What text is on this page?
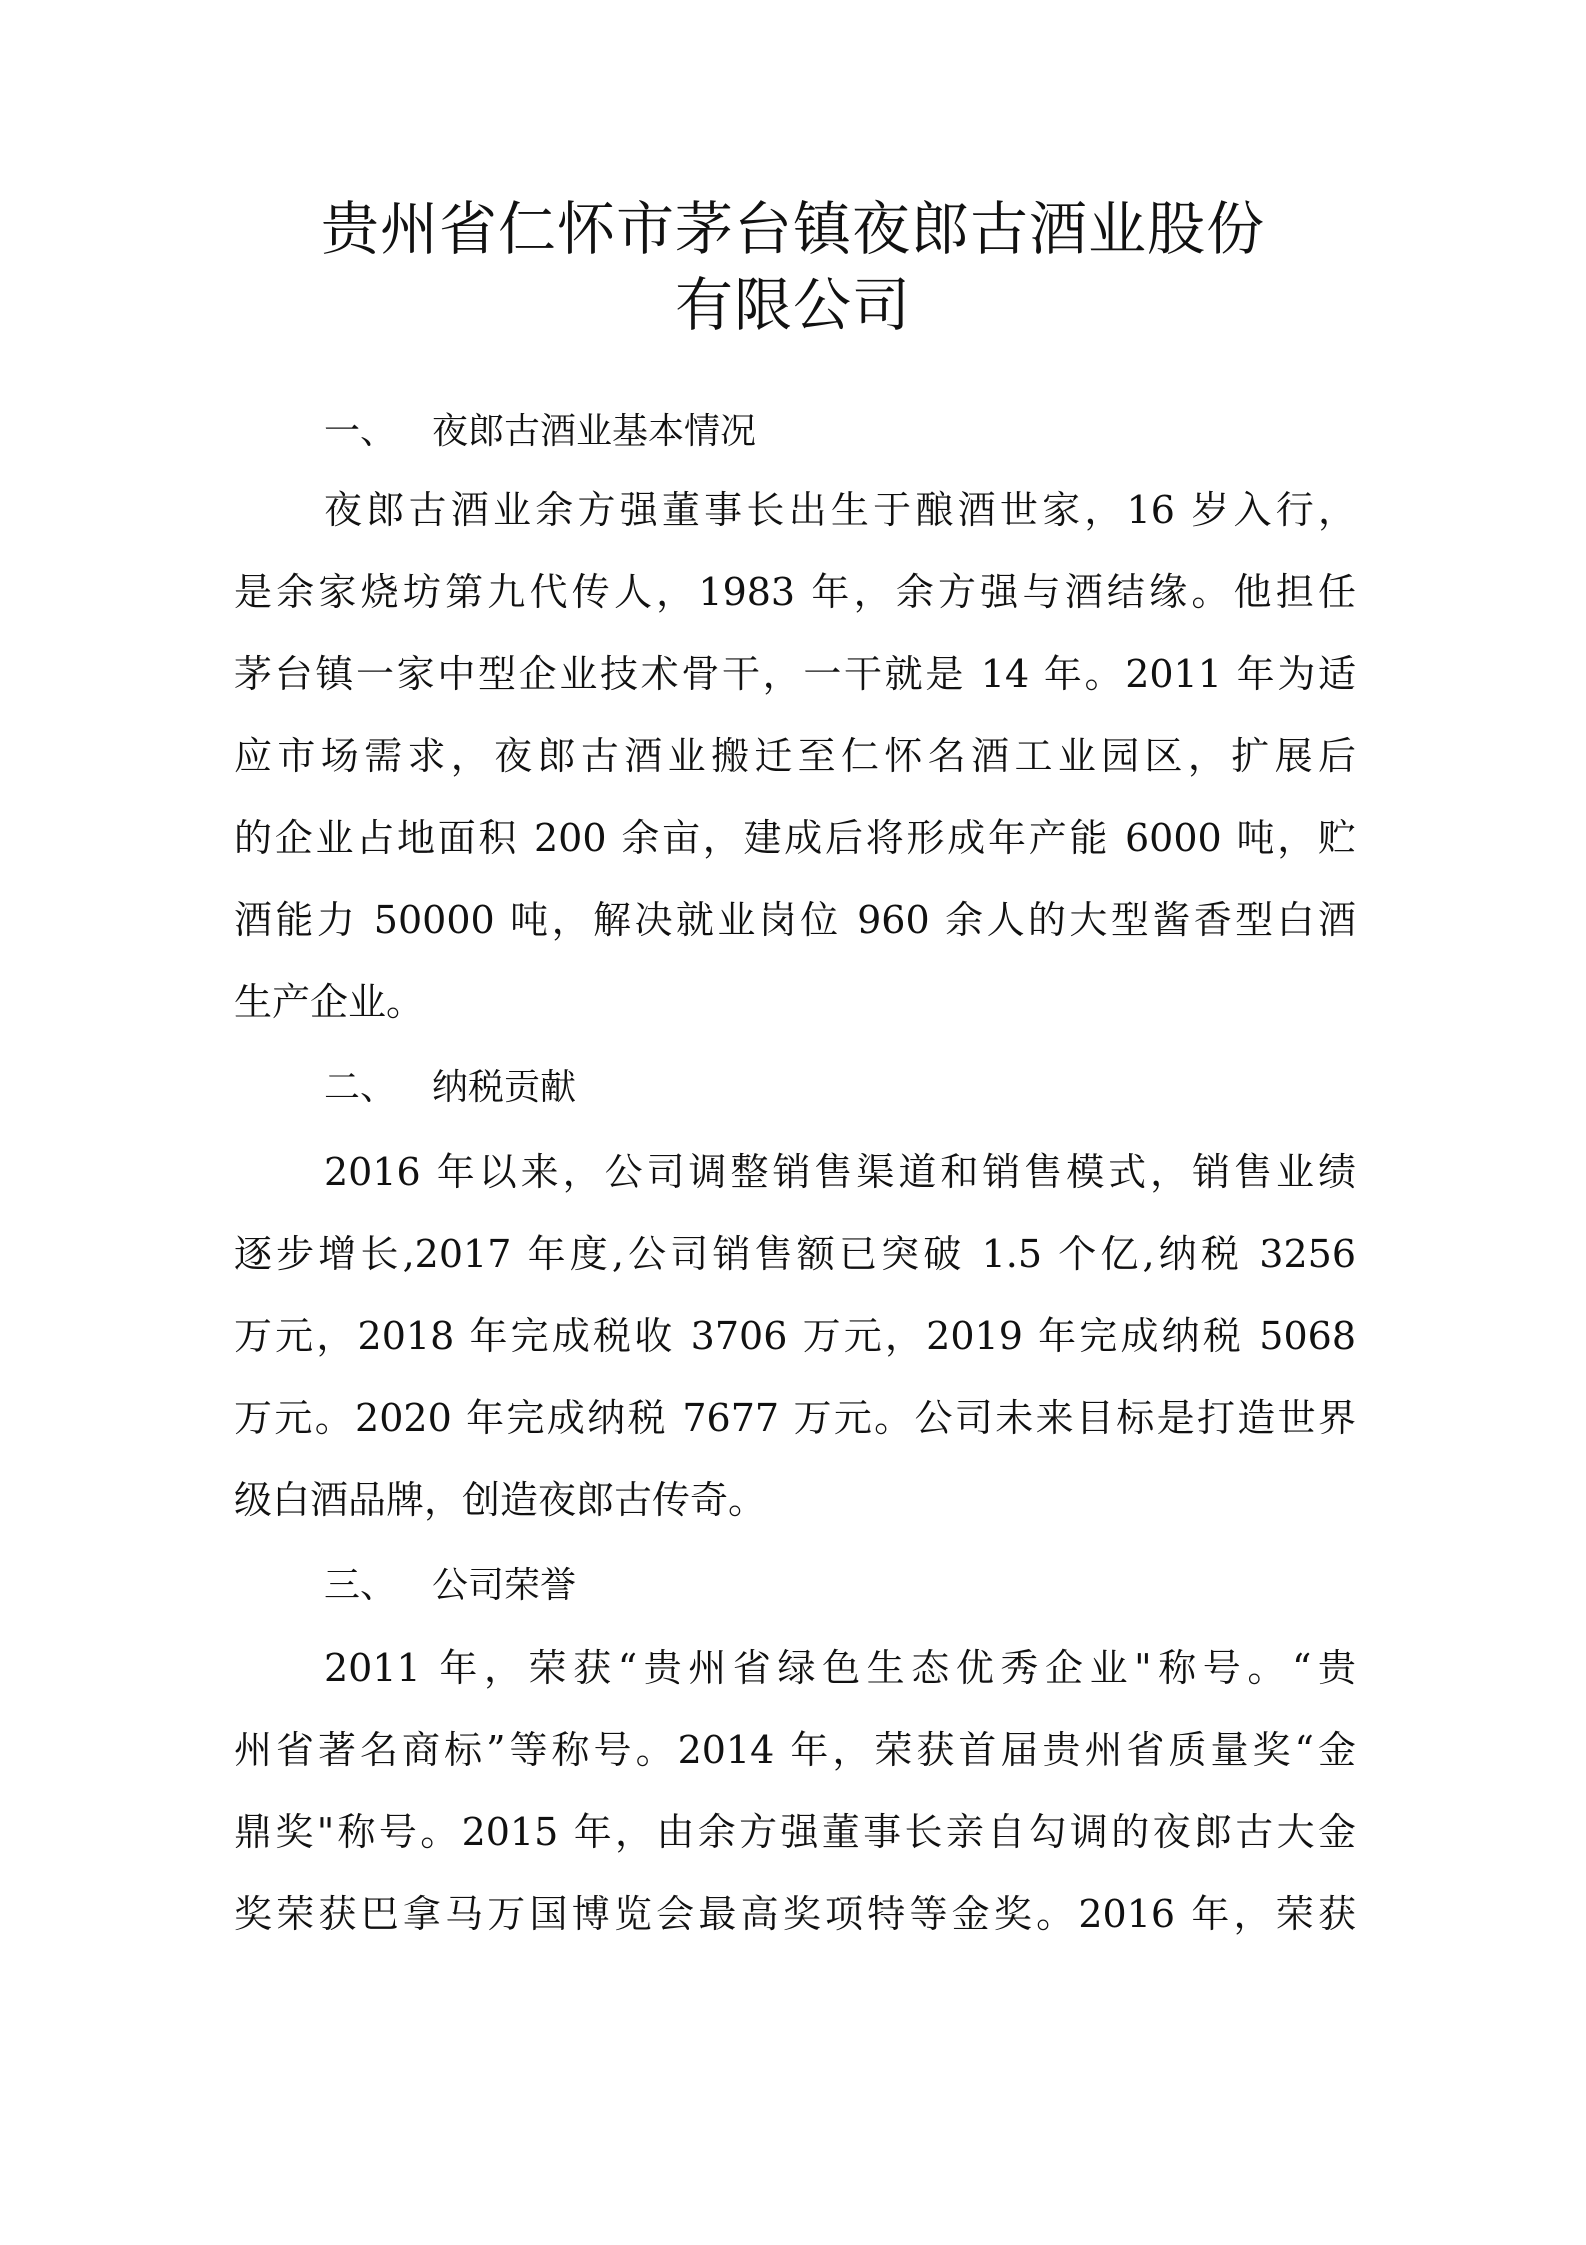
贵州省仁怀市茅台镇夜郎古酒业股份
有限公司
一、 夜郎古酒业基本情况
夜郎古酒业余方强董事长出生于酿酒世家，16 岁入行，
是余家烧坊第九代传人，1983 年，余方强与酒结缘。他担任
茅台镇一家中型企业技术骨干，一干就是 14 年。2011 年为适
应市场需求，夜郎古酒业搬迁至仁怀名酒工业园区，扩展后
的企业占地面积 200 余亩，建成后将形成年产能 6000 吨，贮
酒能力 50000 吨，解决就业岗位 960 余人的大型酱香型白酒
生产企业。
二、 纳税贡献
2016 年以来，公司调整销售渠道和销售模式，销售业绩
逐步增长,2017 年度,公司销售额已突破 1.5 个亿,纳税 3256
万元，2018 年完成税收 3706 万元，2019 年完成纳税 5068
万元。2020 年完成纳税 7677 万元。公司未来目标是打造世界
级白酒品牌，创造夜郎古传奇。
三、 公司荣誉
2011 年，荣获“贵州省绿色生态优秀企业"称号。“贵
州省著名商标”等称号。2014 年，荣获首届贵州省质量奖“金
鼎奖"称号。2015 年，由余方强董事长亲自勾调的夜郎古大金
奖荣获巴拿马万国博览会最高奖项特等金奖。2016 年，荣获
